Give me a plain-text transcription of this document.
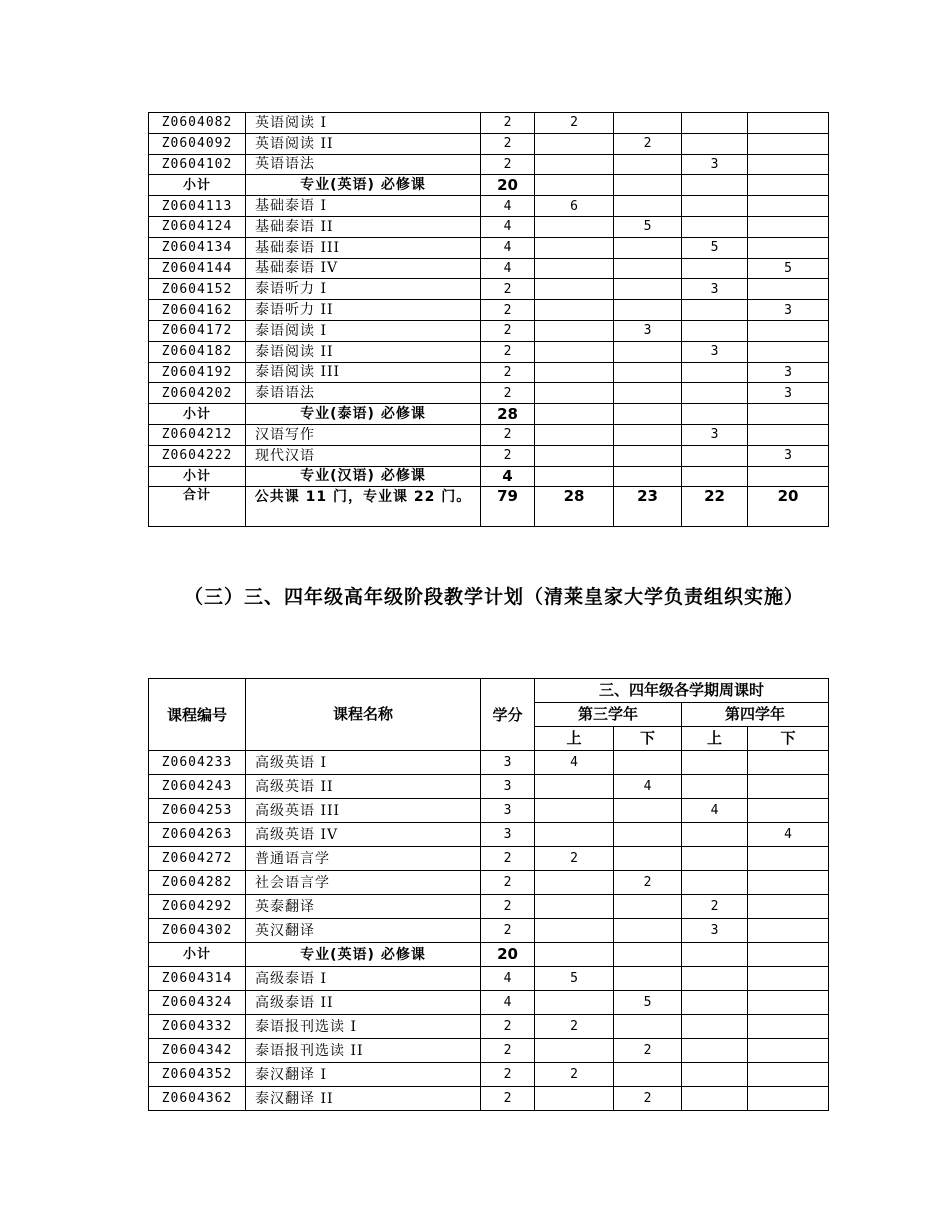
Z0604082	英语阅读 I	2	2			
Z0604092	英语阅读 II	2		2		
Z0604102	英语语法	2			3	
小计	专业(英语) 必修课	20				
Z0604113	基础泰语 I	4	6			
Z0604124	基础泰语 II	4		5		
Z0604134	基础泰语 III	4			5	
Z0604144	基础泰语 IV	4				5
Z0604152	泰语听力 I	2			3	
Z0604162	泰语听力 II	2				3
Z0604172	泰语阅读 I	2		3		
Z0604182	泰语阅读 II	2			3	
Z0604192	泰语阅读 III	2				3
Z0604202	泰语语法	2				3
小计	专业(泰语) 必修课	28				
Z0604212	汉语写作	2			3	
Z0604222	现代汉语	2				3
小计	专业(汉语) 必修课	4				
合计	公共课 11 门，专业课 22 门。	79	28	23	22	20

（三）三、四年级高年级阶段教学计划（清莱皇家大学负责组织实施）

课程编号	课程名称	学分	三、四年级各学期周课时			
			第三学年		第四学年	
			上	下	上	下
Z0604233	高级英语 I	3	4			
Z0604243	高级英语 II	3		4		
Z0604253	高级英语 III	3			4	
Z0604263	高级英语 IV	3				4
Z0604272	普通语言学	2	2			
Z0604282	社会语言学	2		2		
Z0604292	英泰翻译	2			2	
Z0604302	英汉翻译	2			3	
小计	专业(英语) 必修课	20				
Z0604314	高级泰语 I	4	5			
Z0604324	高级泰语 II	4		5		
Z0604332	泰语报刊选读 I	2	2			
Z0604342	泰语报刊选读 II	2		2		
Z0604352	泰汉翻译 I	2	2			
Z0604362	泰汉翻译 II	2		2		
